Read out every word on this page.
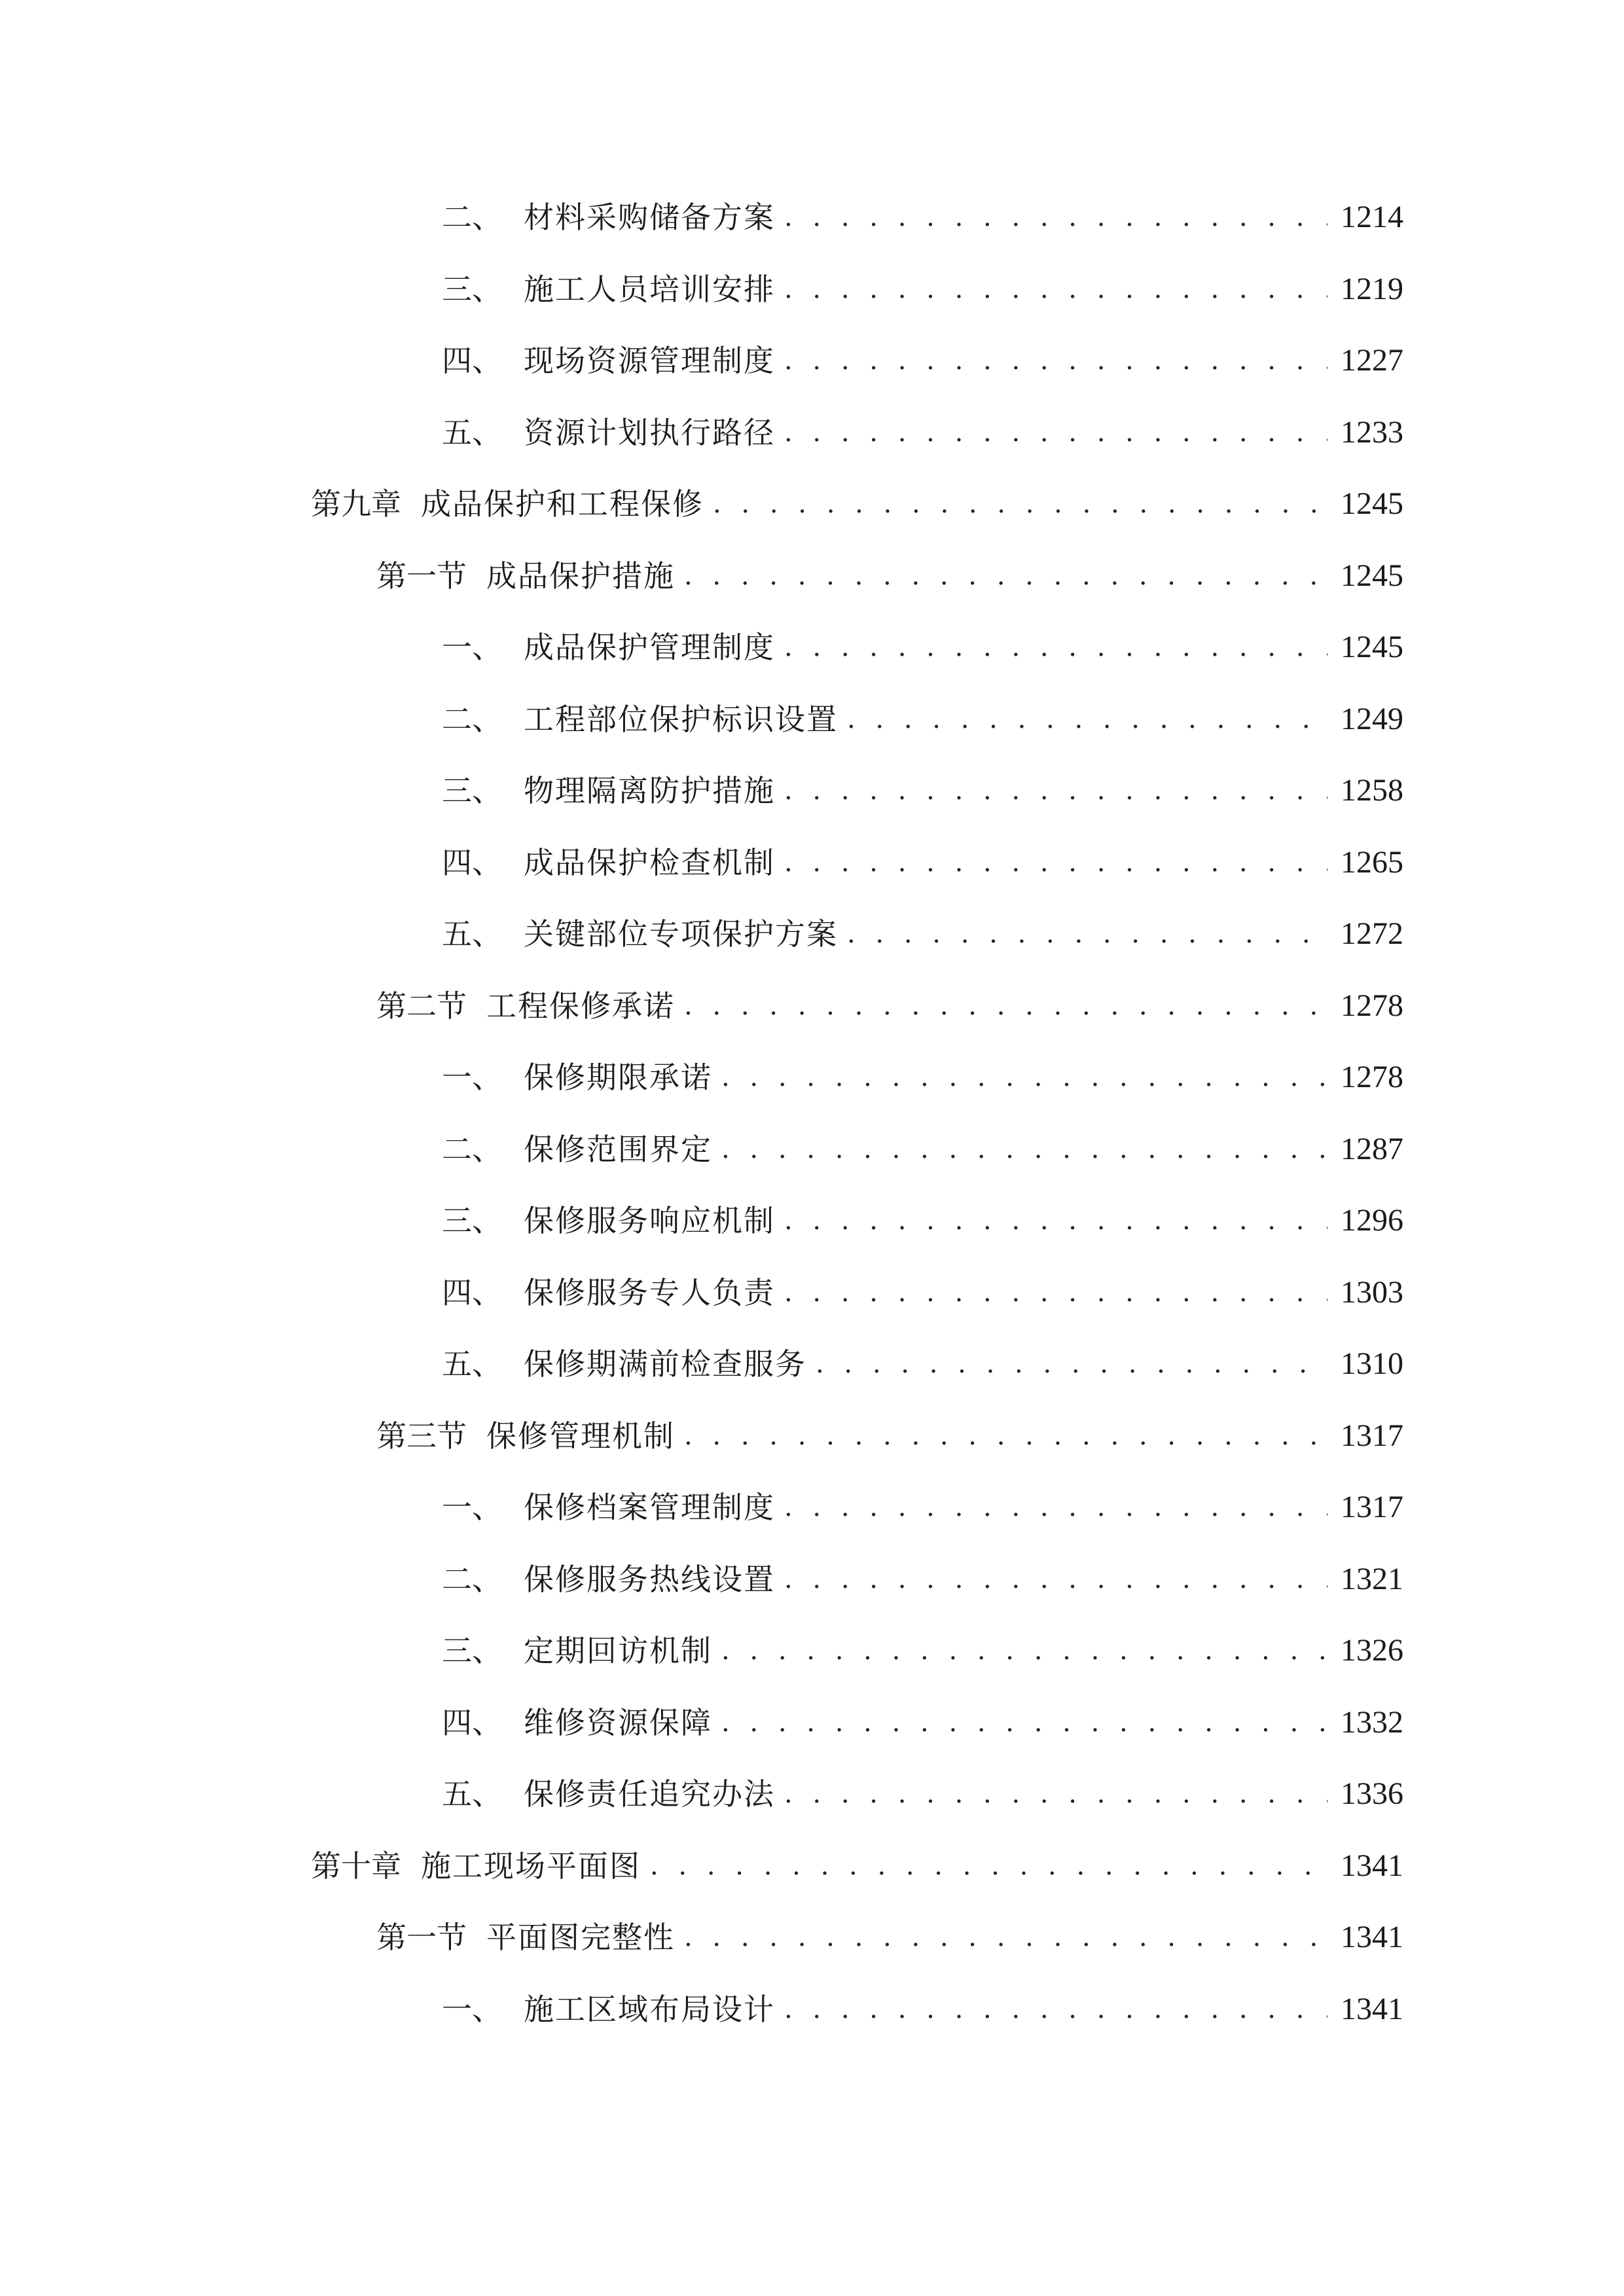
二、 材料采购储备方案 . . .	1214
三、 施工人员培训安排 . . .	1219
四、 现场资源管理制度 . . .	1227
五、 资源计划执行路径 . . .	1233
第九章 成品保护和工程保修 . . .	1245
第一节 成品保护措施 . . .	1245
一、 成品保护管理制度 . . .	1245
二、 工程部位保护标识设置 . . .	1249
三、 物理隔离防护措施 . . .	1258
四、 成品保护检查机制 . . .	1265
五、 关键部位专项保护方案 . . .	1272
第二节 工程保修承诺 . . .	1278
一、 保修期限承诺 . . .	1278
二、 保修范围界定 . . .	1287
三、 保修服务响应机制 . . .	1296
四、 保修服务专人负责 . . .	1303
五、 保修期满前检查服务 . . .	1310
第三节 保修管理机制 . . .	1317
一、 保修档案管理制度 . . .	1317
二、 保修服务热线设置 . . .	1321
三、 定期回访机制 . . .	1326
四、 维修资源保障 . . .	1332
五、 保修责任追究办法 . . .	1336
第十章 施工现场平面图 . . .	1341
第一节 平面图完整性 . . .	1341
一、 施工区域布局设计 . . .	1341
